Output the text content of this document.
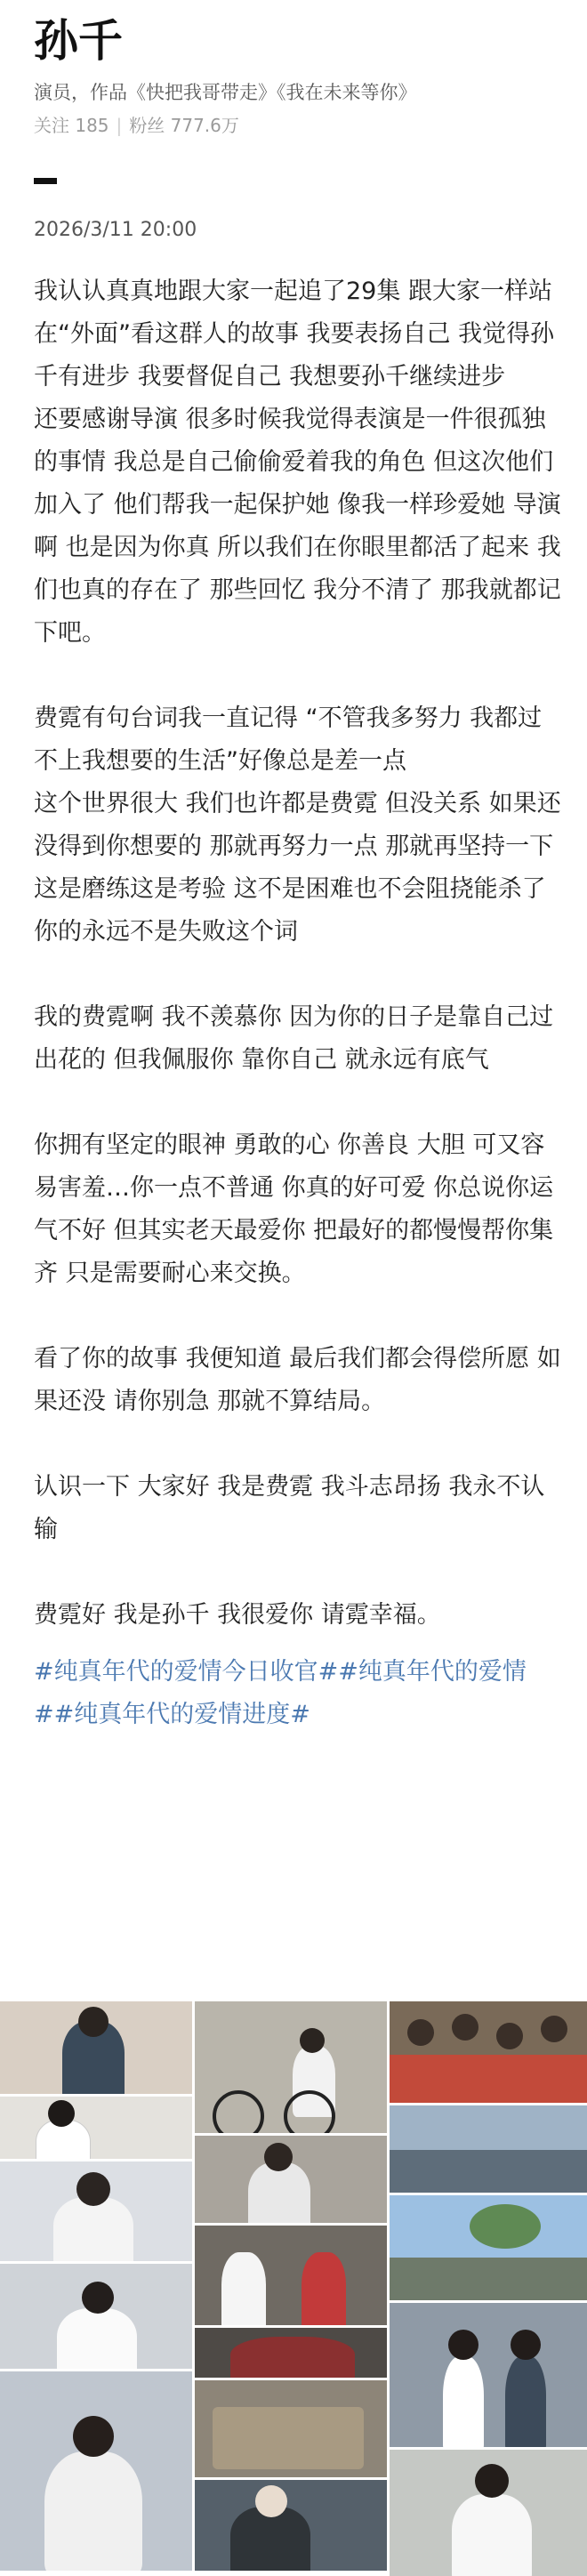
孙千
演员，作品《快把我哥带走》《我在未来等你》
关注 185 | 粉丝 777.6万
2026/3/11 20:00

我认认真真地跟大家一起追了29集 跟大家一样站在“外面”看这群人的故事 我要表扬自己 我觉得孙千有进步 我要督促自己 我想要孙千继续进步

还要感谢导演 很多时候我觉得表演是一件很孤独的事情 我总是自己偷偷爱着我的角色 但这次他们加入了 他们帮我一起保护她 像我一样珍爱她 导演啊 也是因为你真 所以我们在你眼里都活了起来 我们也真的存在了 那些回忆 我分不清了 那我就都记下吧。

费霓有句台词我一直记得 “不管我多努力 我都过不上我想要的生活”好像总是差一点

这个世界很大 我们也许都是费霓 但没关系 如果还没得到你想要的 那就再努力一点 那就再坚持一下 这是磨练这是考验 这不是困难也不会阻挠能杀了你的永远不是失败这个词

我的费霓啊 我不羡慕你 因为你的日子是靠自己过出花的 但我佩服你 靠你自己 就永远有底气

你拥有坚定的眼神 勇敢的心 你善良 大胆 可又容易害羞…你一点不普通 你真的好可爱 你总说你运气不好 但其实老天最爱你 把最好的都慢慢帮你集齐 只是需要耐心来交换。

看了你的故事 我便知道 最后我们都会得偿所愿 如果还没 请你别急 那就不算结局。

认识一下 大家好 我是费霓 我斗志昂扬 我永不认输

费霓好 我是孙千 我很爱你 请霓幸福。

#纯真年代的爱情今日收官##纯真年代的爱情##纯真年代的爱情进度#
